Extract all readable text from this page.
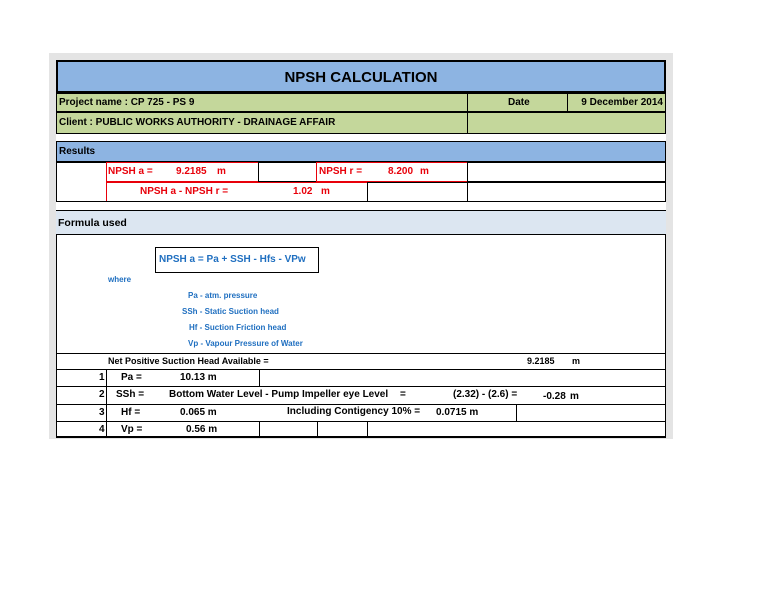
NPSH CALCULATION
Project name : CP 725 - PS 9	Date	9 December 2014
Client : PUBLIC WORKS AUTHORITY - DRAINAGE AFFAIR
Results
NPSH a = 9.2185 m	NPSH r =	8.200 m
NPSH a - NPSH r =	1.02 m
Formula used
NPSH a = Pa + SSH - Hfs - VPw
where
Pa - atm. pressure
SSh - Static Suction head
Hf - Suction Friction head
Vp - Vapour Pressure of Water
Net Positive Suction Head Available =	9.2185 m
1 Pa =	10.13 m
2 SSh = Bottom Water Level - Pump Impeller eye Level =	(2.32) - (2.6) =	-0.28 m
3 Hf =	0.065 m	Including Contigency 10% = 0.0715 m
4 Vp =	0.56 m
